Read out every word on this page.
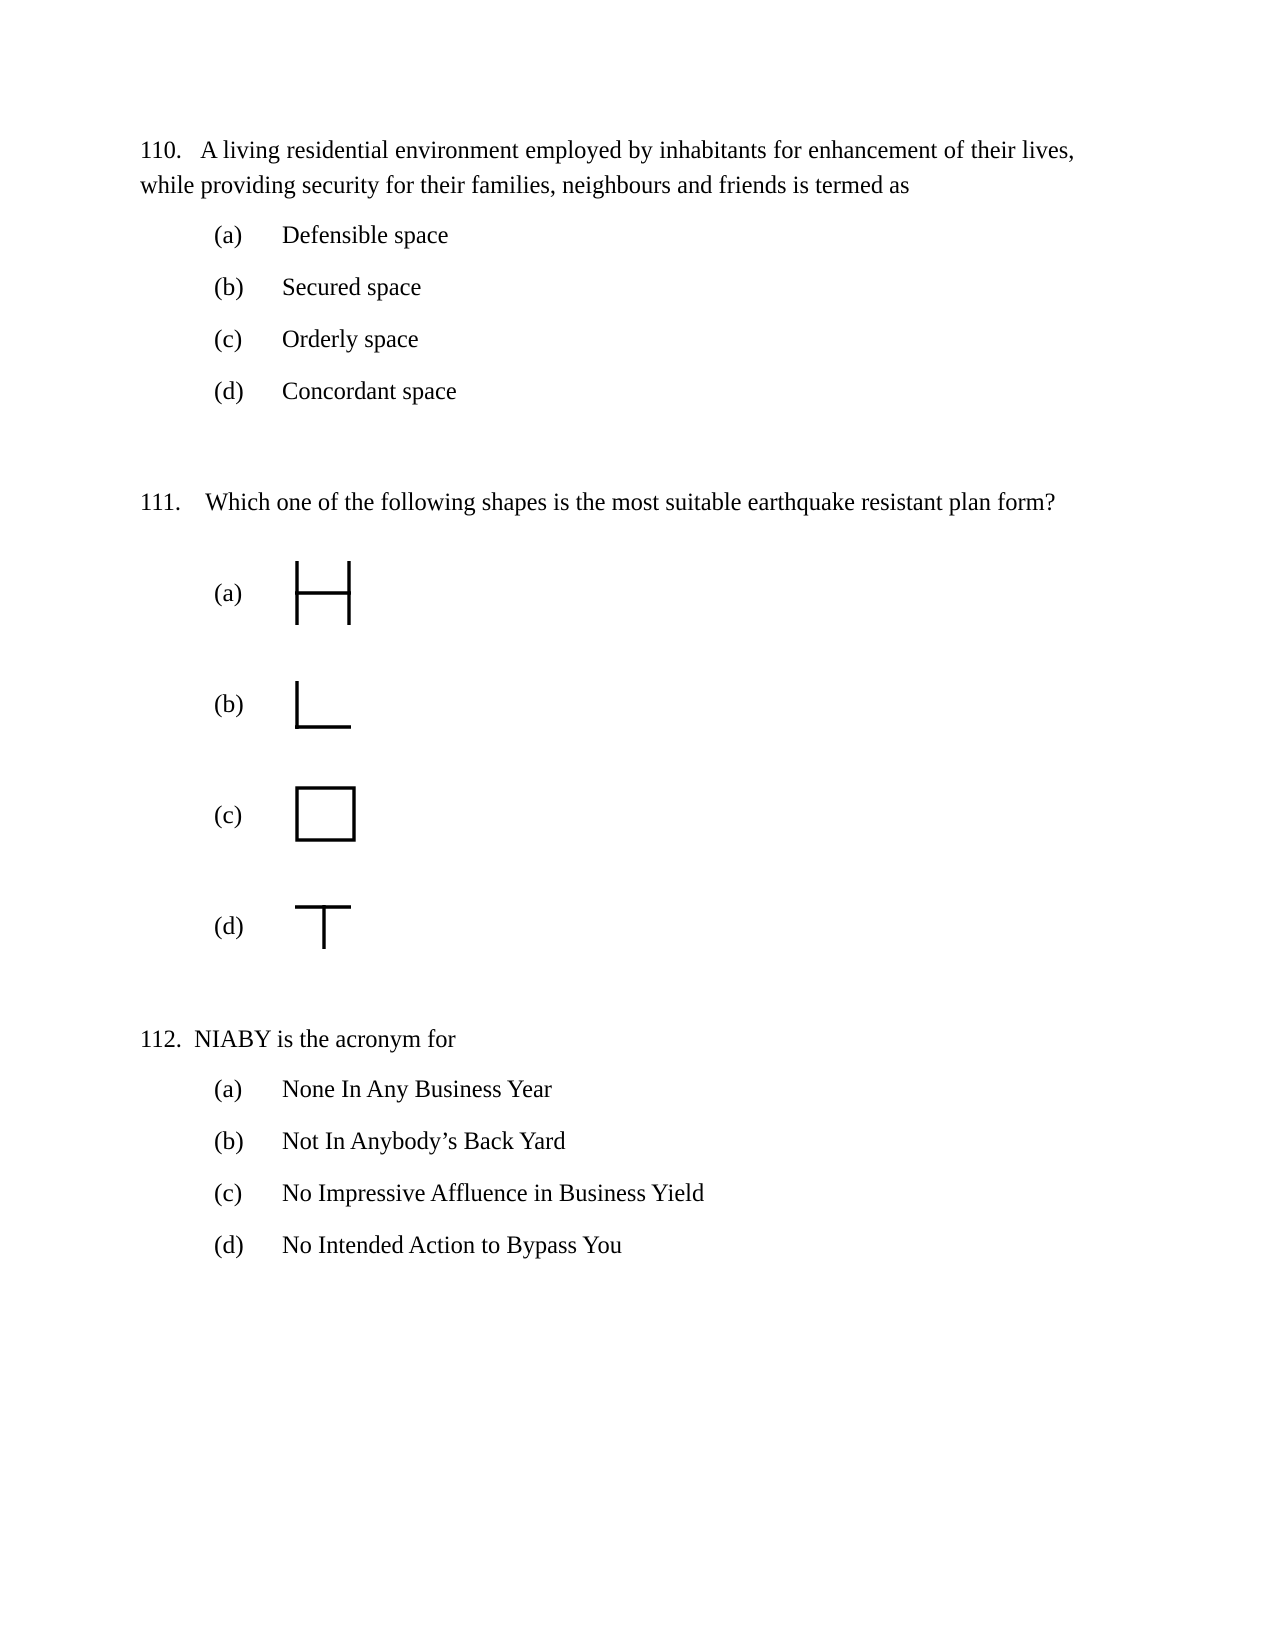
110. A living residential environment employed by inhabitants for enhancement of their lives, while providing security for their families, neighbours and friends is termed as
(a)	Defensible space
(b)	Secured space
(c)	Orderly space
(d)	Concordant space
111. Which one of the following shapes is the most suitable earthquake resistant plan form?
(a)
(b)
(c)
(d)
112. NIABY is the acronym for
(a)	None In Any Business Year
(b)	Not In Anybody’s Back Yard
(c)	No Impressive Affluence in Business Yield
(d)	No Intended Action to Bypass You
